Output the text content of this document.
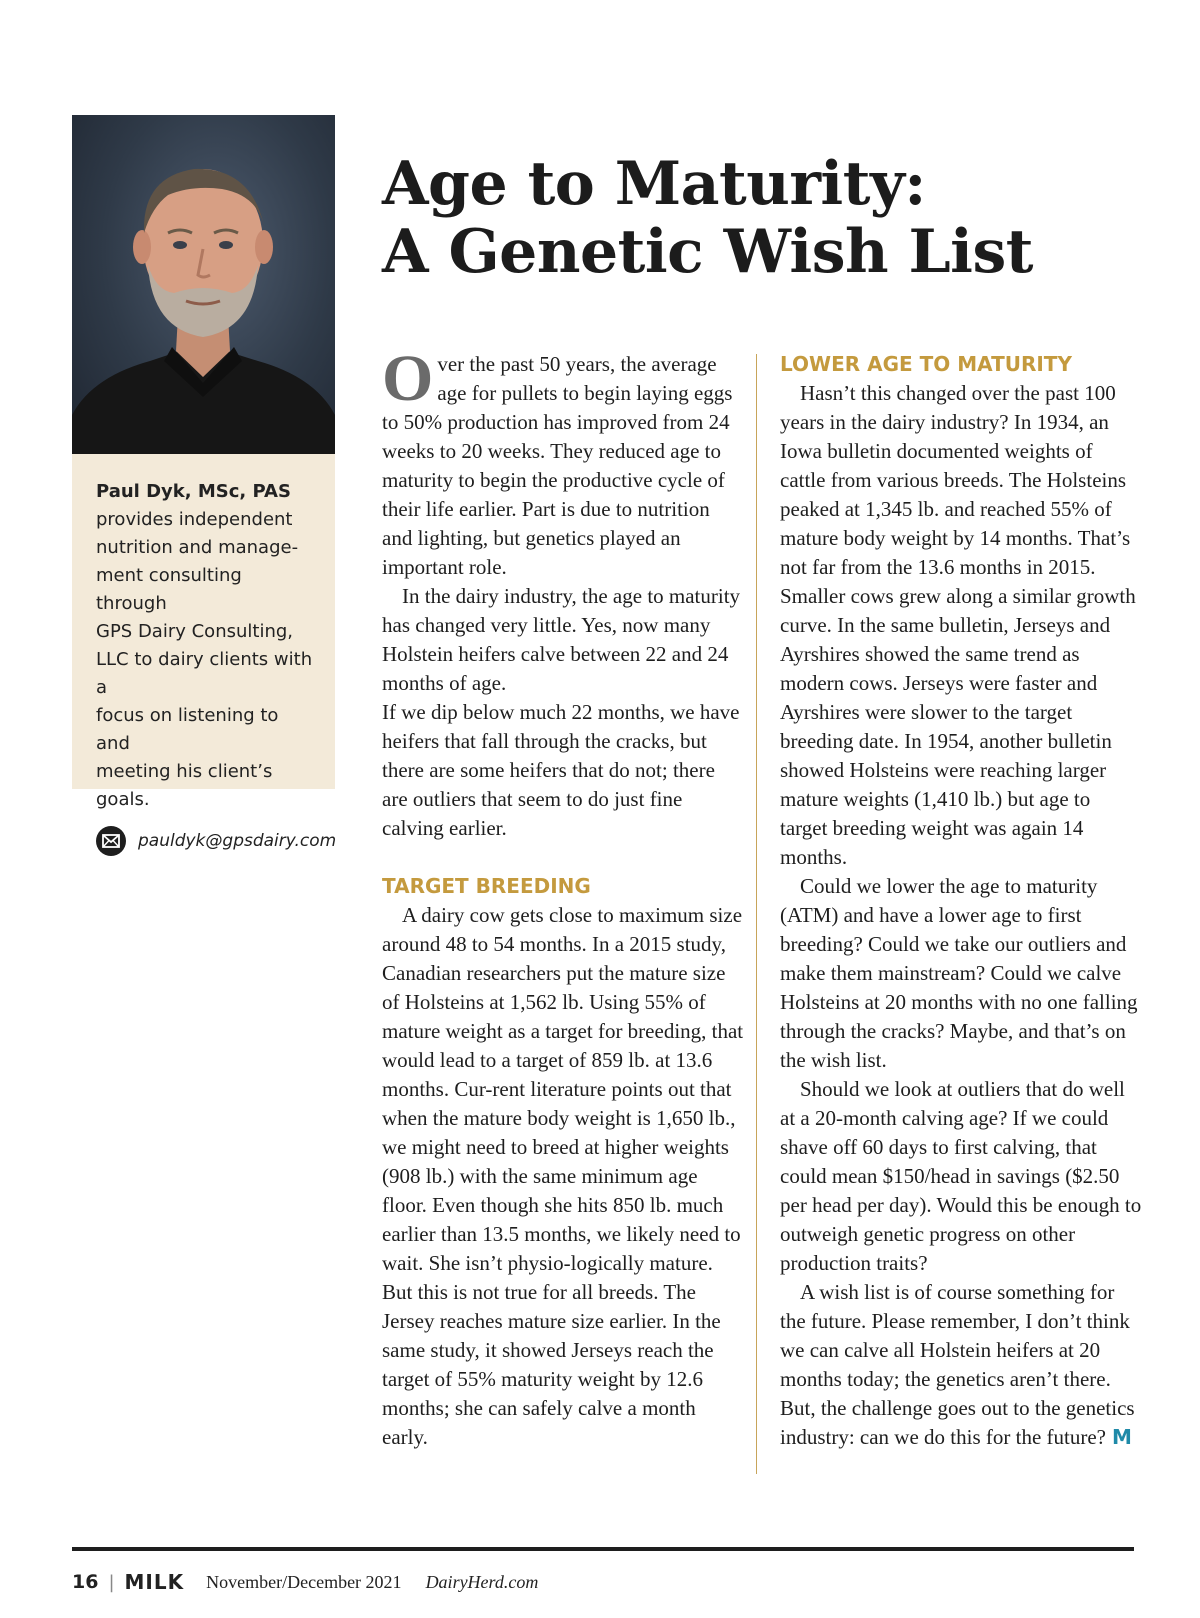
Paul Dyk, MSc, PAS
provides independent
nutrition and manage-
ment consulting through
GPS Dairy Consulting,
LLC to dairy clients with a
focus on listening to and
meeting his client’s goals.
pauldyk@gpsdairy.com
Age to Maturity:
A Genetic Wish List

Over the past 50 years, the average age for pullets to begin laying eggs to 50% production has improved from 24 weeks to 20 weeks. They reduced age to maturity to begin the productive cycle of their life earlier. Part is due to nutrition and lighting, but genetics played an important role.

In the dairy industry, the age to maturity has changed very little. Yes, now many Holstein heifers calve between 22 and 24 months of age.

If we dip below much 22 months, we have heifers that fall through the cracks, but there are some heifers that do not; there are outliers that seem to do just fine calving earlier.

TARGET BREEDING

A dairy cow gets close to maximum size around 48 to 54 months. In a 2015 study, Canadian researchers put the mature size of Holsteins at 1,562 lb. Using 55% of mature weight as a target for breeding, that would lead to a target of 859 lb. at 13.6 months. Cur-rent literature points out that when the mature body weight is 1,650 lb., we might need to breed at higher weights (908 lb.) with the same minimum age floor. Even though she hits 850 lb. much earlier than 13.5 months, we likely need to wait. She isn’t physio-logically mature. But this is not true for all breeds. The Jersey reaches mature size earlier. In the same study, it showed Jerseys reach the target of 55% maturity weight by 12.6 months; she can safely calve a month early.

LOWER AGE TO MATURITY

Hasn’t this changed over the past 100 years in the dairy industry? In 1934, an Iowa bulletin documented weights of cattle from various breeds. The Holsteins peaked at 1,345 lb. and reached 55% of mature body weight by 14 months. That’s not far from the 13.6 months in 2015. Smaller cows grew along a similar growth curve. In the same bulletin, Jerseys and Ayrshires showed the same trend as modern cows. Jerseys were faster and Ayrshires were slower to the target breeding date. In 1954, another bulletin showed Holsteins were reaching larger mature weights (1,410 lb.) but age to target breeding weight was again 14 months.

Could we lower the age to maturity (ATM) and have a lower age to first breeding? Could we take our outliers and make them mainstream? Could we calve Holsteins at 20 months with no one falling through the cracks? Maybe, and that’s on the wish list.

Should we look at outliers that do well at a 20-month calving age? If we could shave off 60 days to first calving, that could mean $150/head in savings ($2.50 per head per day). Would this be enough to outweigh genetic progress on other production traits?

A wish list is of course something for the future. Please remember, I don’t think we can calve all Holstein heifers at 20 months today; the genetics aren’t there. But, the challenge goes out to the genetics industry: can we do this for the future? M

16 | MILK November/December 2021 DairyHerd.com
